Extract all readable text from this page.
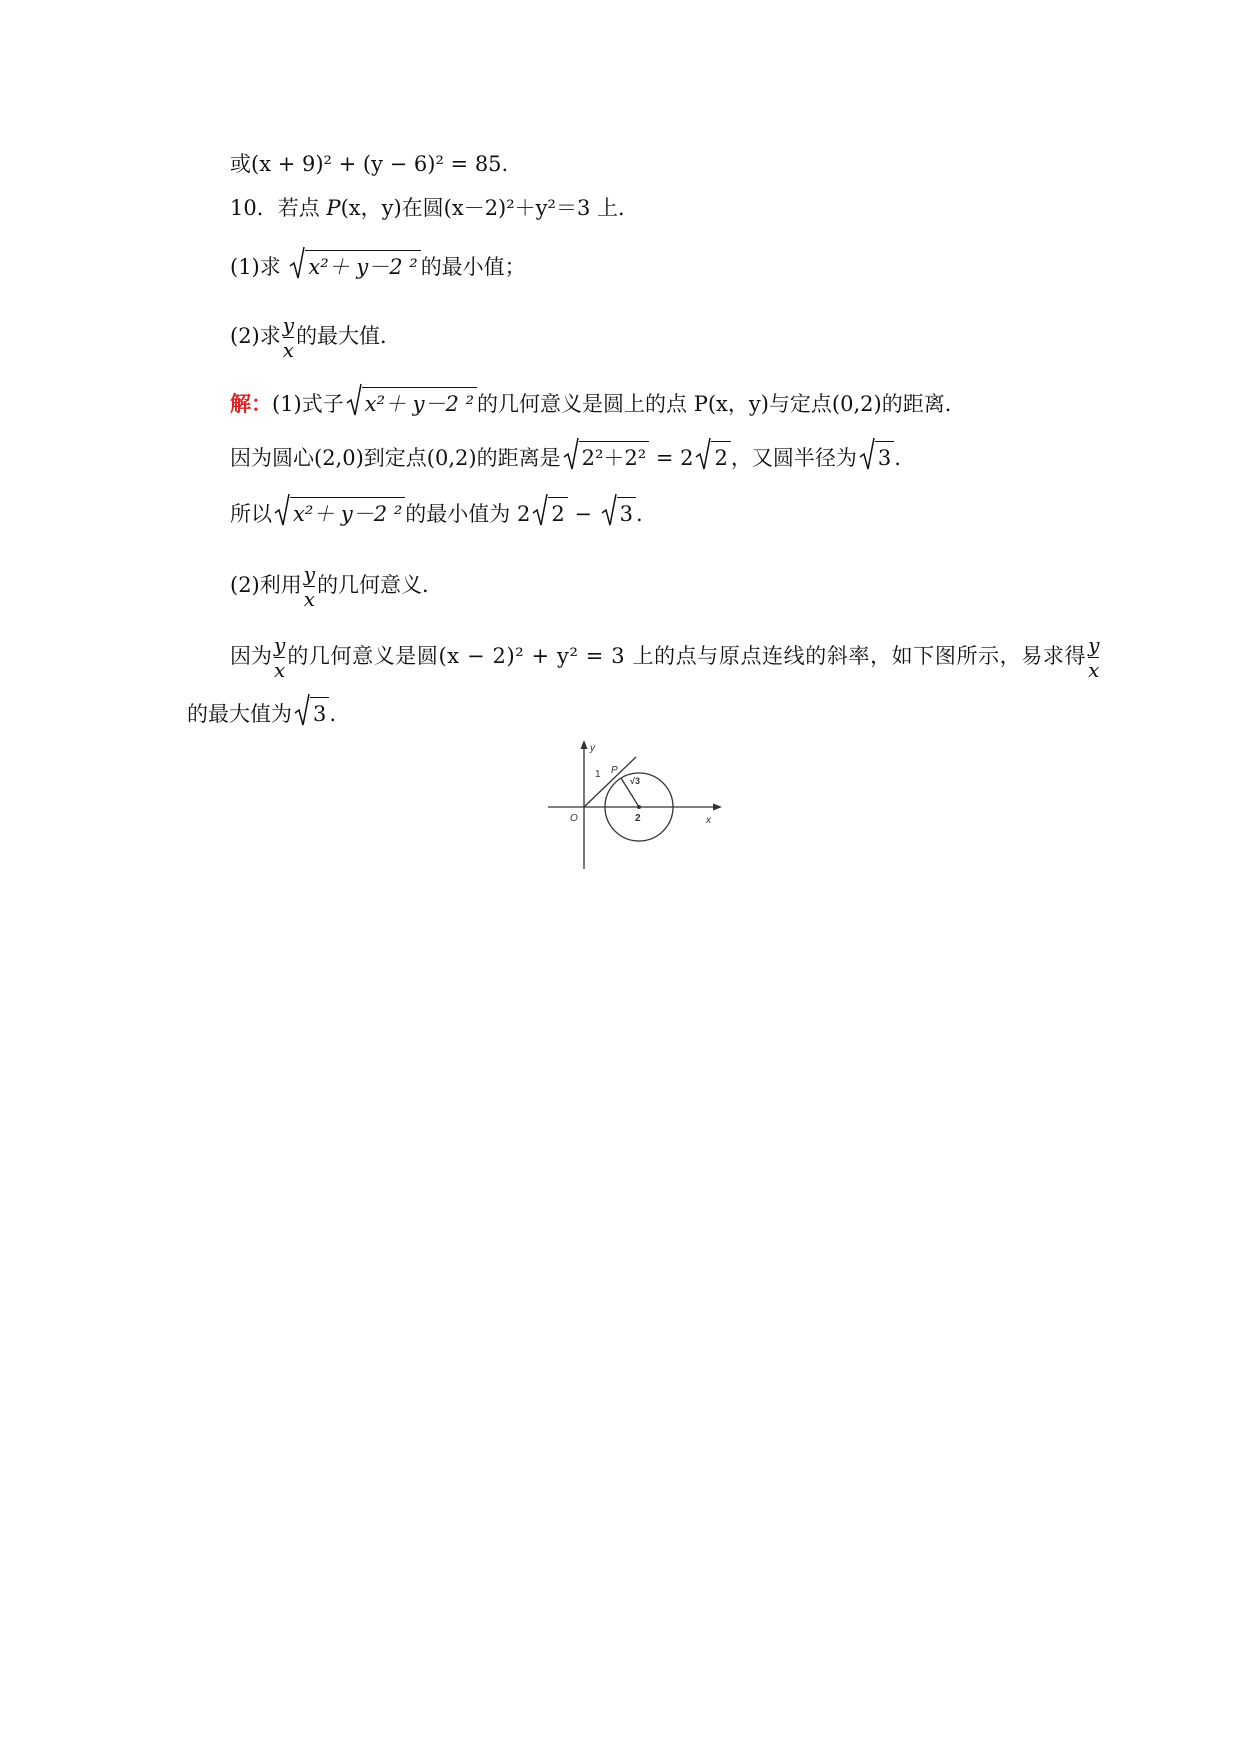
或(x + 9)² + (y − 6)² = 85.
10．若点 P(x，y)在圆(x－2)²＋y²＝3 上．
(1)求
x²＋ y－2 ² 的最小值；
(2)求 $\frac{y}{x}$ 的最大值．
解：(1)式子 x²＋ y－2 ² 的几何意义是圆上的点 P(x，y)与定点(0,2)的距离．
因为圆心(2,0)到定点(0,2)的距离是 2²＋2² = 2 2 ，又圆半径为 3 .
所以 x²＋ y－2 ² 的最小值为 2 2 −
3 .
(2)利用 $\frac{y}{x}$ 的几何意义．
因为 $\frac{y}{x}$ 的几何意义是圆(x − 2)² + y² = 3 上的点与原点连线的斜率，如下图所示，易求得 $\frac{y}{x}$
的最大值为 3 .
y
x
O
1 P
2
√3
